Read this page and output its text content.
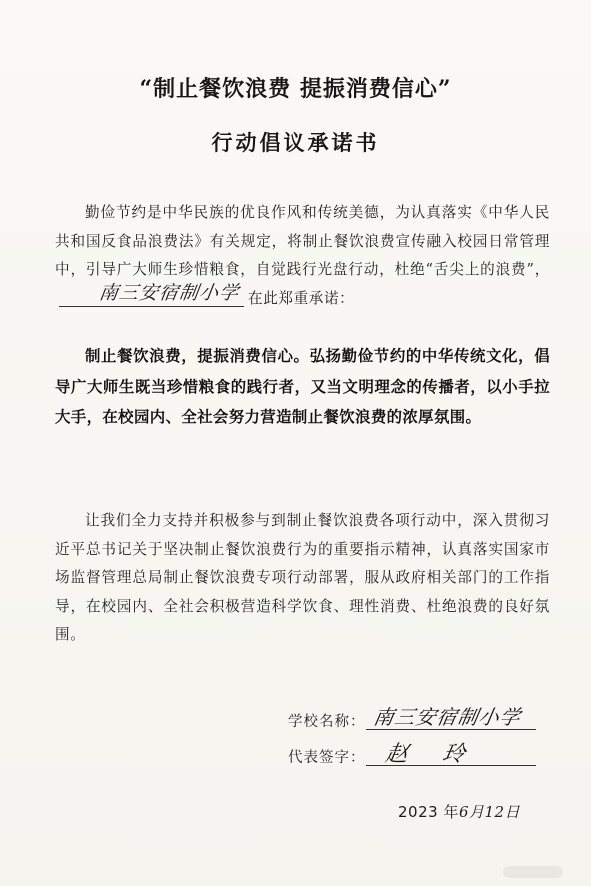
“制止餐饮浪费 提振消费信心”
行动倡议承诺书
勤俭节约是中华民族的优良作风和传统美德，为认真落实《中华人民共和国反食品浪费法》有关规定，将制止餐饮浪费宣传融入校园日常管理中，引导广大师生珍惜粮食，自觉践行光盘行动，杜绝“舌尖上的浪费”，
南三安宿制小学 在此郑重承诺：
制止餐饮浪费，提振消费信心。弘扬勤俭节约的中华传统文化，倡导广大师生既当珍惜粮食的践行者，又当文明理念的传播者，以小手拉大手，在校园内、全社会努力营造制止餐饮浪费的浓厚氛围。
让我们全力支持并积极参与到制止餐饮浪费各项行动中，深入贯彻习近平总书记关于坚决制止餐饮浪费行为的重要指示精神，认真落实国家市场监督管理总局制止餐饮浪费专项行动部署，服从政府相关部门的工作指导，在校园内、全社会积极营造科学饮食、理性消费、杜绝浪费的良好氛围。
学校名称： 南三安宿制小学
代表签字： 赵 玲
2023 年6月12日
